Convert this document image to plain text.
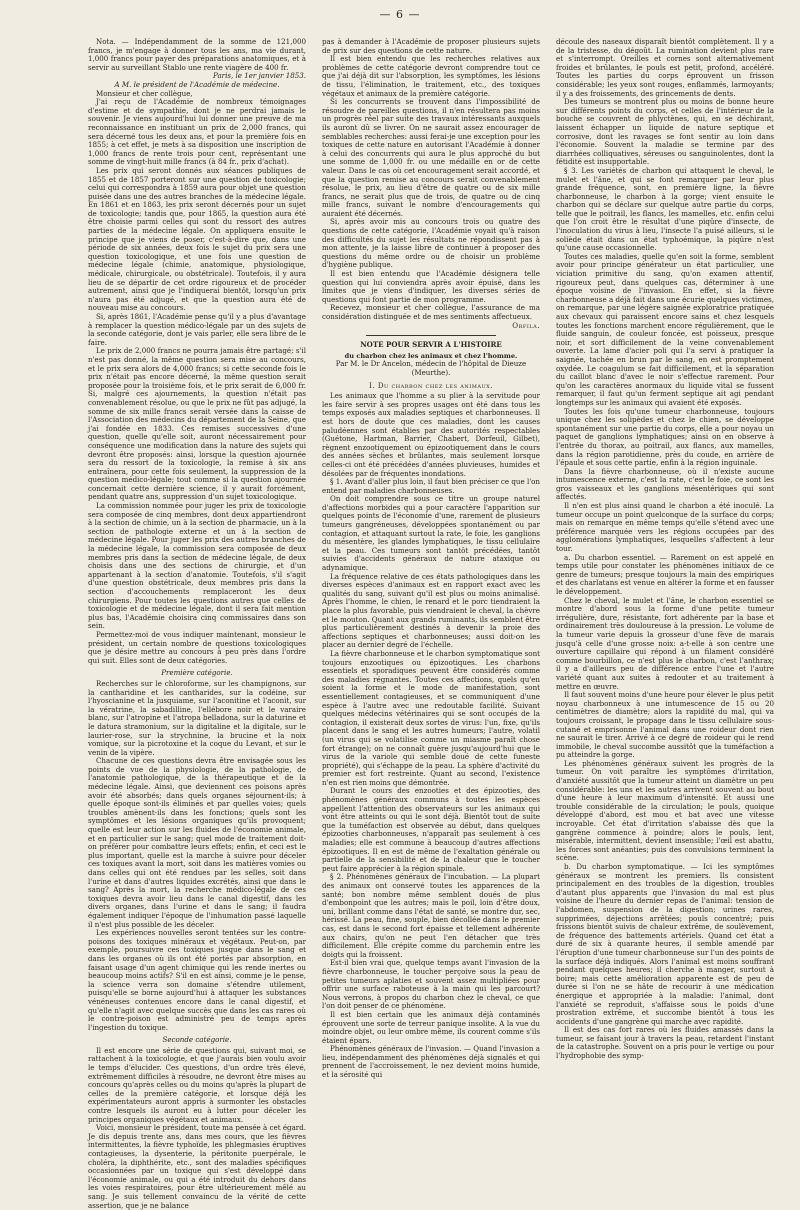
— 6 —

Nota. — Indépendamment de la somme de 121,000 francs, je m'engage à donner tous les ans, ma vie durant, 1,000 francs pour payer des préparations anatomiques, et à servir au surveillant Stablo une rente viagère de 400 fr.

Paris, le 1er janvier 1853.

A M. le président de l'Académie de médecine.

Monsieur et cher collègue,

J'ai reçu de l'Académie de nombreux témoignages d'estime et de sympathie, dont je ne perdrai jamais le souvenir. Je viens aujourd'hui lui donner une preuve de ma reconnaissance en instituant un prix de 2,000 francs, qui sera décerné tous les deux ans, et pour la première fois en 1855; à cet effet, je mets à sa disposition une inscription de 1,000 francs de rente trois pour cent, représentant une somme de vingt-huit mille francs (à 84 fr., prix d'achat).

Les prix qui seront donnés aux séances publiques de 1855 et de 1857 porteront sur une question de toxicologie; celui qui correspondra à 1859 aura pour objet une question puisée dans une des autres branches de la médecine légale. En 1861 et en 1863, les prix seront décernés pour un sujet de toxicologie; tandis que, pour 1865, la question aura été être choisie parmi celles qui sont du ressort des autres parties de la médecine légale. On appliquera ensuite le principe que je viens de poser, c'est-à-dire que, dans une période de six années, deux fois le sujet du prix sera une question toxicologique, et une fois une question de médecine légale (chimie, anatomique, physiologique, médicale, chirurgicale, ou obstétricale). Toutefois, il y aura lieu de se départir de cet ordre rigoureux et de procéder autrement, ainsi que je l'indiquerai bientôt, lorsqu'un prix n'aura pas été adjugé, et que la question aura été de nouveau mise au concours.

Si, après 1861, l'Académie pense qu'il y a plus d'avantage à remplacer la question médico-légale par un des sujets de la seconde catégorie, dont je vais parler, elle sera libre de le faire.

Le prix de 2,000 francs ne pourra jamais être partagé; s'il n'est pas donné, la même question sera mise au concours, et le prix sera alors de 4,000 francs; si cette seconde fois le prix n'était pas encore décerné, la même question serait proposée pour la troisième fois, et le prix serait de 6,000 fr. Si, malgré ces ajournements, la question n'était pas convenablement résolue, ou que le prix ne fût pas adjugé, la somme de six mille francs serait versée dans la caisse de l'Association des médecins du département de la Seine, que j'ai fondée en 1833. Ces remises successives d'une question, quelle qu'elle soit, auront nécessairement pour conséquence une modification dans la nature des sujets qui devront être proposés: ainsi, lorsque la question ajournée sera du ressort de la toxicologie, la remise à six ans entraînera, pour cette fois seulement, la suppression de la question médico-légale; tout comme si la question ajournée concernait cette dernière science, il y aurait forcément, pendant quatre ans, suppression d'un sujet toxicologique.

La commission nommée pour juger les prix de toxicologie sera composée de cinq membres, dont deux appartiendront à la section de chimie, un à la section de pharmacie, un à la section de pathologie externe et un à la section de médecine légale. Pour juger les prix des autres branches de la médecine légale, la commission sera composée de deux membres pris dans la section de médecine légale, de deux choisis dans une des sections de chirurgie, et d'un appartenant à la section d'anatomie. Toutefois, s'il s'agit d'une question obstétricale, deux membres pris dans la section d'accouchements remplaceront les deux chirurgiens. Pour toutes les questions autres que celles de toxicologie et de médecine légale, dont il sera fait mention plus bas, l'Académie choisira cinq commissaires dans son sein.

Permettez-moi de vous indiquer maintenant, monsieur le président, un certain nombre de questions toxicologiques que je désire mettre au concours à peu près dans l'ordre qui suit. Elles sont de deux catégories.

Première catégorie.

Recherches sur le chloroforme, sur les champignons, sur la cantharidine et les cantharides, sur la codéine, sur l'hyoscianine et la jusquiame, sur l'aconitine et l'aconit, sur la vératrine, la sabadilline, l'ellébore noir et le varaire blanc, sur l'atropine et l'atropa belladona, sur la daturine et le datura stramonium, sur la digitaline et la digitale, sur le laurier-rose, sur la strychnine, la brucine et la noix vomique, sur la picrotoxine et la coque du Levant, et sur le venin de la vipère.

Chacune de ces questions devra être envisagée sous les points de vue de la physiologie, de la pathologie, de l'anatomie pathologique, de la thérapeutique et de la médecine légale. Ainsi, que deviennent ces poisons après avoir été absorbés; dans quels organes séjournent-ils; à quelle époque sont-ils éliminés et par quelles voies; quels troubles amènent-ils dans les fonctions; quels sont les symptômes et les lésions organiques qu'ils provoquent; quelle est leur action sur les fluides de l'économie animale, et en particulier sur le sang; quel mode de traitement doit-on préférer pour combattre leurs effets; enfin, et ceci est le plus important, quelle est la marche à suivre pour déceler ces toxiques avant la mort, soit dans les matières vomies ou dans celles qui ont été rendues par les selles, soit dans l'urine et dans d'autres liquides excrétés, ainsi que dans le sang? Après la mort, la recherche médico-légale de ces toxiques devra avoir lieu dans le canal digestif, dans les divers organes, dans l'urine et dans le sang; il faudra également indiquer l'époque de l'inhumation passé laquelle il n'est plus possible de les déceler.

Les expériences nouvelles seront tentées sur les contre-poisons des toxiques minéraux et végétaux. Peut-on, par exemple, poursuivre ces toxiques jusque dans le sang et dans les organes où ils ont été portés par absorption, en faisant usage d'un agent chimique qui les rende inertes ou beaucoup moins actifs? S'il en est ainsi, comme je le pense, la science verra son domaine s'étendre utilement, puisqu'elle se borne aujourd'hui à attaquer les substances vénéneuses contenues encore dans le canal digestif, et qu'elle n'agit avec quelque succès que dans les cas rares où le contre-poison est administré peu de temps après l'ingestion du toxique.

Seconde catégorie.

Il est encore une série de questions qui, suivant moi, se rattachent à la toxicologie, et que j'aurais bien voulu avoir le temps d'élucider. Ces questions, d'un ordre très élevé, extrêmement difficiles à résoudre, ne devront être mises au concours qu'après celles ou du moins qu'après la plupart de celles de la première catégorie, et lorsque déjà les expérimentateurs auront appris à surmonter les obstacles contre lesquels ils auront eu à lutter pour déceler les principes organiques végétaux et animaux.

Voici, monsieur le président, toute ma pensée à cet égard. Je dis depuis trente ans, dans mes cours, que les fièvres intermittentes, la fièvre typhoïde, les phlegmasies éruptives contagieuses, la dysenterie, la péritonite puerpérale, le choléra, la diphthérite, etc., sont des maladies spécifiques occasionnées par un toxique qui s'est développé dans l'économie animale, ou qui a été introduit du dehors dans les voies respiratoires, pour être ultérieurement mêlé au sang. Je suis tellement convaincu de la vérité de cette assertion, que je ne balance

pas à demander à l'Académie de proposer plusieurs sujets de prix sur des questions de cette nature.

Il est bien entendu que les recherches relatives aux problèmes de cette catégorie devront comprendre tout ce que j'ai déjà dit sur l'absorption, les symptômes, les lésions de tissu, l'élimination, le traitement, etc., des toxiques végétaux et animaux de la première catégorie.

Si les concurrents se trouvent dans l'impossibilité de résoudre de pareilles questions, il n'en résultera pas moins un progrès réel par suite des travaux intéressants auxquels ils auront dû se livrer. On ne saurait assez encourager de semblables recherches: aussi ferai-je une exception pour les toxiques de cette nature en autorisant l'Académie à donner à celui des concurrents qui aura le plus approché du but une somme de 1,000 fr. ou une médaille en or de cette valeur. Dans le cas où cet encouragement serait accordé, et que la question remise au concours serait convenablement résolue, le prix, au lieu d'être de quatre ou de six mille francs, ne serait plus que de trois, de quatre ou de cinq mille francs, suivant le nombre d'encouragements qui auraient été décernés.

Si, après avoir mis au concours trois ou quatre des questions de cette catégorie, l'Académie voyait qu'à raison des difficultés du sujet les résultats ne répondissent pas à mon attente, je la laisse libre de continuer à proposer des questions du même ordre ou de choisir un problème d'hygiène publique.

Il est bien entendu que l'Académie désignera telle question qui lui conviendra après avoir épuisé, dans les limites que je viens d'indiquer, les diverses séries de questions qui font partie de mon programme.

Recevez, monsieur et cher collègue, l'assurance de ma considération distinguée et de mes sentiments affectueux.

Orfila.

NOTE POUR SERVIR A L'HISTOIRE

du charbon chez les animaux et chez l'homme.

Par M. le Dr Ancelon, médecin de l'hôpital de Dieuze (Meurthe).

I. Du charbon chez les animaux.

Les animaux que l'homme a su plier à la servitude pour les faire servir à ses propres usages ont été dans tous les temps exposés aux maladies septiques et charbonneuses. Il est hors de doute que ces maladies, dont les causes paludéennes sont établies par des autorités respectables (Guétone, Hartman, Barrier, Chabert, Dorfeuil, Gilbet), règnent enzootiquement ou épizootiquement dans le cours des années sèches et brûlantes, mais seulement lorsque celles-ci ont été précédées d'années pluvieuses, humides et désolées par de fréquentes inondations.

§ 1. Avant d'aller plus loin, il faut bien préciser ce que l'on entend par maladies charbonneuses.

On doit comprendre sous ce titre un groupe naturel d'affections morbides qui a pour caractère l'apparition sur quelques points de l'économie d'une, rarement de plusieurs tumeurs gangréneuses, développées spontanément ou par contagion, et attaquant surtout la rate, le foie, les ganglions du mésentère, les glandes lymphatiques, le tissu cellulaire et la peau. Ces tumeurs sont tantôt précédées, tantôt suivies d'accidents généraux de nature ataxique ou adynamique.

La fréquence relative de ces états pathologiques dans les diverses espèces d'animaux est en rapport exact avec les qualités du sang, suivant qu'il est plus ou moins animalisé. Après l'homme, le chien, le renard et le porc tiendraient la place la plus favorable, puis viendraient le cheval, la chèvre et le mouton. Quant aux grands ruminants, ils semblent être plus particulièrement destinés à devenir la proie des affections septiques et charbonneuses; aussi doit-on les placer au dernier degré de l'échelle.

La fièvre charbonneuse et le charbon symptomatique sont toujours enzootiques ou épizootiques. Les charbons essentiels et sporadiques peuvent être considérés comme des maladies régnantes. Toutes ces affections, quels qu'en soient la forme et le mode de manifestation, sont essentiellement contagieuses, et se communiquent d'une espèce à l'autre avec une redoutable facilité. Suivant quelques médecins vétérinaires qui se sont occupés de la contagion, il existerait deux sortes de virus: l'un, fixe, qu'ils placent dans le sang et les autres humeurs; l'autre, volatil (un virus qui se volatilise comme un miasme paraît chose fort étrange); on ne connaît guère jusqu'aujourd'hui que le virus de la variole qui semble doué de cette funeste propriété), qui s'échappe de la peau. La sphère d'activité du premier est fort restreinte. Quant au second, l'existence n'en est rien moins que démontrée.

Durant le cours des enzooties et des épizooties, des phénomènes généraux communs à toutes les espèces appellent l'attention des observateurs sur les animaux qui vont être atteints ou qui le sont déjà. Bientôt tout de suite que la tuméfaction est observée au début, dans quelques épizooties charbonneuses, n'apparaît pas seulement à ces maladies; elle est commune à beaucoup d'autres affections épizootiques. Il en est de même de l'exaltation générale ou partielle de la sensibilité et de la chaleur que le toucher peut faire apprécier à la région spinale.

§ 2. Phénomènes généraux de l'incubation. — La plupart des animaux ont conservé toutes les apparences de la santé; bon nombre même semblent doués de plus d'embonpoint que les autres; mais le poil, loin d'être doux, uni, brillant comme dans l'état de santé, se montre dur, sec, hérissé. La peau, fine, souple, bien décollée dans le premier cas, est dans le second fort épaisse et tellement adhérente aux chairs, qu'on ne peut l'en détacher que très difficilement. Elle crépite comme du parchemin entre les doigts qui la froissent.

Est-il bien vrai que, quelque temps avant l'invasion de la fièvre charbonneuse, le toucher perçoive sous la peau de petites tumeurs aplaties et souvent assez multipliées pour offrir une surface raboteuse à la main qui les parcourt? Nous verrons, à propos du charbon chez le cheval, ce que l'on doit penser de ce phénomène.

Il est bien certain que les animaux déjà contaminés éprouvent une sorte de terreur panique insolite. A la vue du moindre objet, ou leur ombre même, ils courent comme s'ils étaient épars.

Phénomènes généraux de l'invasion. — Quand l'invasion a lieu, indépendamment des phénomènes déjà signalés et qui prennent de l'accroissement, le nez devient moins humide, et la sérosité qui

découle des naseaux disparaît bientôt complètement. Il y a de la tristesse, du dégoût. La rumination devient plus rare et s'interrompt. Oreilles et cornes sont alternativement froides et brûlantes, le pouls est petit, profond, accéléré. Toutes les parties du corps éprouvent un frisson considérable; les yeux sont rouges, enflammés, larmoyants; il y a des froissements, des grincements de dents.

Des tumeurs se montrent plus ou moins de bonne heure sur différents points du corps, et celles de l'intérieur de la bouche se couvrent de phlyctènes, qui, en se déchirant, laissent échapper un liquide de nature septique et corrosive, dont les ravages se font sentir au loin dans l'économie. Souvent la maladie se termine par des diarrhées colliquatives, séreuses ou sanguinolentes, dont la fétidité est insupportable.

§ 3. Les variétés de charbon qui attaquent le cheval, le mulet et l'âne, et qui se font remarquer par leur plus grande fréquence, sont, en première ligne, la fièvre charbonneuse, le charbon à la gorge; vient ensuite le charbon qui se déclare sur quelque autre partie du corps, telle que le poitrail, les flancs, les mamelles, etc. enfin celui que l'on croit être le résultat d'une piqûre d'insecte, de l'inoculation du virus à lieu, l'insecte l'a puisé ailleurs, si le soliède était dans un état typhoémique, la piqûre n'est qu'une cause occasionnelle.

Toutes ces maladies, quelle qu'en soit la forme, semblent avoir pour principe générateur un état particulier, une viciation primitive du sang, qu'on examen attentif, rigoureux peut, dans quelques cas, déterminer à une époque voisine de l'invasion. En effet, si la fièvre charbonneuse a déjà fait dans une écurie quelques victimes, on remarque, par une légère saignée exploratrice pratiquée aux chevaux qui paraissent encore sains et chez lesquels toutes les fonctions marchent encore régulièrement, que le fluide sanguin, de couleur foncée, est poisseux, presque noir, et sort difficilement de la veine convenablement ouverte. La lame d'acier poli qui l'a servi à pratiquer la saignée, tachée en brun par le sang, en est promptement oxydée. Le coagulum se fait difficilement, et la séparation du caillot blanc d'avec le noir s'effectue rarement. Pour qu'on les caractères anormaux du liquide vital se fussent remarquer, il faut qu'un ferment septique ait agi pendant longtemps sur les animaux qui avaient été exposés.

Toutes les fois qu'une tumeur charbonneuse, toujours unique chez les solipèdes et chez le chien, se développe spontanément sur une partie du corps, elle a pour noyau un paquet de ganglions lymphatiques; ainsi on en observe à l'entrée du thorax, au poitrail, aux flancs, aux mamelles, dans la région parotidienne, près du coude, en arrière de l'épaule et sous cette partie, enfin à la région inguinale.

Dans la fièvre charbonneuse, où il n'existe aucune intumescence externe, c'est la rate, c'est le foie, ce sont les gros vaisseaux et les ganglions mésentériques qui sont affectés.

Il n'en est plus ainsi quand le charbon a été inoculé. La tumeur occupe un point quelconque de la surface du corps; mais on remarque en même temps qu'elle s'étend avec une préférence marquée vers les régions occupées par des agglomérations lymphatiques, lesquelles s'affectent à leur tour.

a. Du charbon essentiel. — Rarement on est appelé en temps utile pour constater les phénomènes initiaux de ce genre de tumeurs; presque toujours la main des empiriques et des charlatans est venue en altérer la forme et en fausser le développement.

Chez le cheval, le mulet et l'âne, le charbon essentiel se montre d'abord sous la forme d'une petite tumeur irrégulière, dure, résistante, fort adhérente par la base et ordinairement très douloureuse à la pression. Le volume de la tumeur varie depuis la grosseur d'une fève de marais jusqu'à celle d'une grosse noix: a-t-elle à son centre une ouverture capillaire qui répond à un filament considéré comme bourbillon, ce n'est plus le charbon, c'est l'anthrax; il y a d'ailleurs peu de différence entre l'une et l'autre variété quant aux suites à redouter et au traitement à mettre en œuvre.

Il faut souvent moins d'une heure pour élever le plus petit noyau charbonneux à une intumescence de 15 ou 20 centimètres de diamètre; alors la rapidité du mal, qui va toujours croissant, le propage dans le tissu cellulaire sous-cutané et emprisonne l'animal dans une roideur dont rien ne saurait le tirer. Arrivé à ce degré de roideur qui le rend immobile, le cheval succombe aussitôt que la tuméfaction a pu atteindre la gorge.

Les phénomènes généraux suivent les progrès de la tumeur. On voit paraître les symptômes d'irritation, d'anxiété aussitôt que la tumeur atteint un diamètre un peu considérable: les uns et les autres arrivent souvent au bout d'une heure à leur maximum d'intensité. Et aussi une trouble considérable de la circulation; le pouls, quoique développé d'abord, est mou et bat avec une vitesse incroyable. Cet état d'irritation s'abaisse dès que la gangrène commence à poindre; alors le pouls, lent, misérable, intermittent, devient insensible; l'œil est abattu, les forces sont anéanties; puis des convulsions terminent la scène.

b. Du charbon symptomatique. — Ici les symptômes généraux se montrent les premiers. Ils consistent principalement en des troubles de la digestion, troubles d'autant plus apparents que l'invasion du mal est plus voisine de l'heure du dernier repas de l'animal: tension de l'abdomen, suspension de la digestion; urines rares, supprimées, déjections arrêtées; pouls concentré; puis frissons bientôt suivis de chaleur extrême, de soulèvement, de fréquence des battements artériels. Quand cet état a duré de six à quarante heures, il semble amendé par l'éruption d'une tumeur charbonneuse sur l'un des points de la surface déjà indiqués. Alors l'animal est moins souffrant pendant quelques heures; il cherche à manger, surtout à boire; mais cette amélioration apparente est de peu de durée si l'on ne se hâte de recourir à une médication énergique et appropriée à la maladie: l'animal, dont l'anxiété se reproduit, s'affaisse sous le poids d'une prostration extrême, et succombe bientôt à tous les accidents d'une gangrène qui marche avec rapidité.

Il est des cas fort rares où les fluides amassés dans la tumeur, se faisant jour à travers la peau, retardent l'instant de la catastrophe. Souvent on a pris pour le vertige ou pour l'hydrophobie des symp-
